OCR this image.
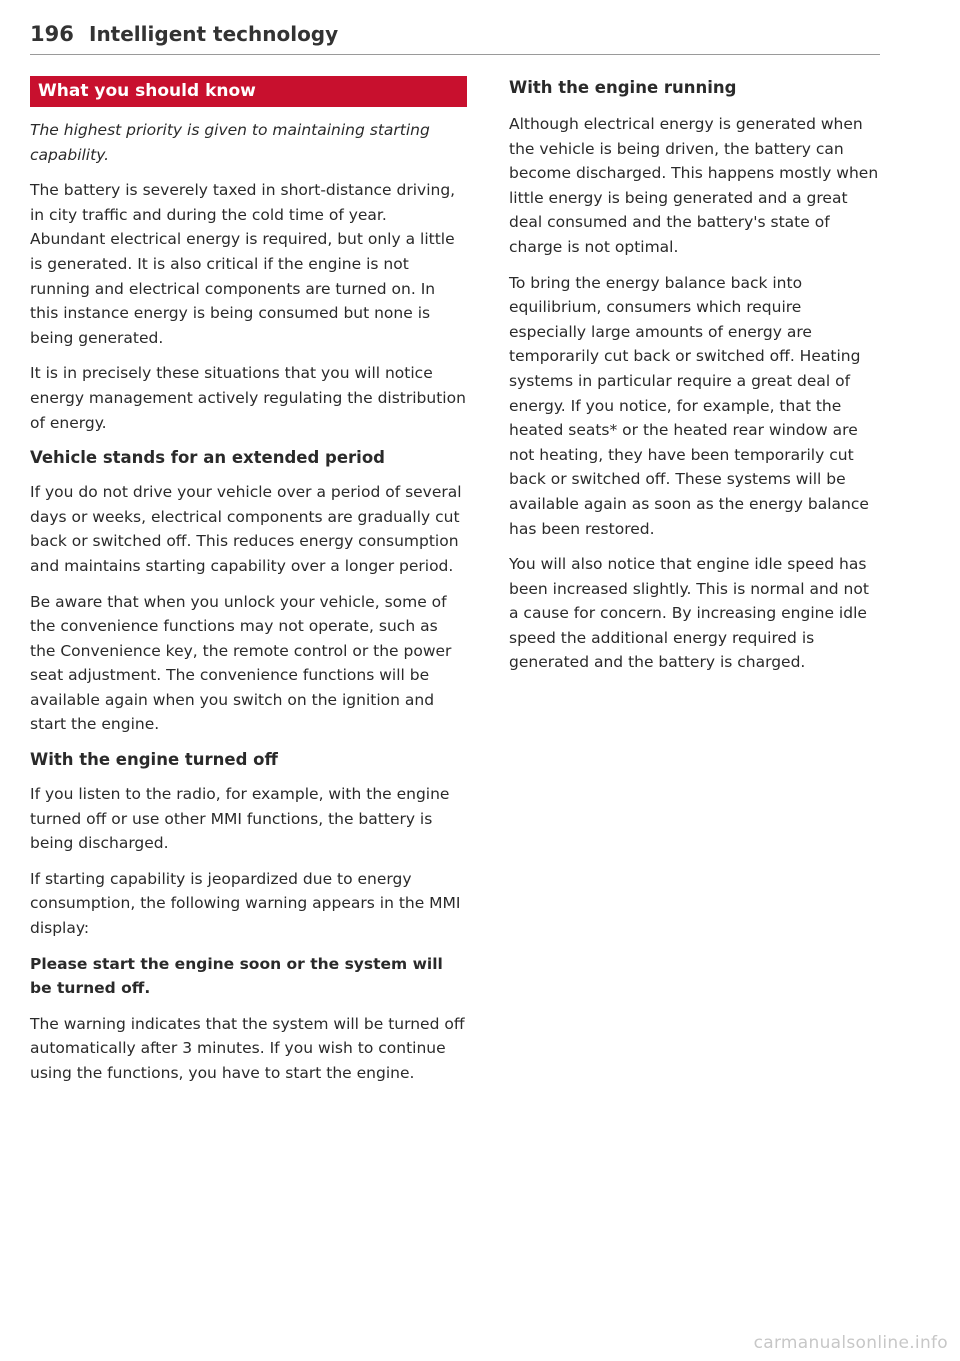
196 Intelligent technology
What you should know

The highest priority is given to maintaining starting capability.

The battery is severely taxed in short-distance driving, in city traffic and during the cold time of year. Abundant electrical energy is required, but only a little is generated. It is also critical if the engine is not running and electrical components are turned on. In this instance energy is being consumed but none is being generated.

It is in precisely these situations that you will notice energy management actively regulating the distribution of energy.

Vehicle stands for an extended period

If you do not drive your vehicle over a period of several days or weeks, electrical components are gradually cut back or switched off. This reduces energy consumption and maintains starting capability over a longer period.

Be aware that when you unlock your vehicle, some of the convenience functions may not operate, such as the Convenience key, the remote control or the power seat adjustment. The convenience functions will be available again when you switch on the ignition and start the engine.

With the engine turned off

If you listen to the radio, for example, with the engine turned off or use other MMI functions, the battery is being discharged.

If starting capability is jeopardized due to energy consumption, the following warning appears in the MMI display:

Please start the engine soon or the system will be turned off.

The warning indicates that the system will be turned off automatically after 3 minutes. If you wish to continue using the functions, you have to start the engine.

With the engine running

Although electrical energy is generated when the vehicle is being driven, the battery can become discharged. This happens mostly when little energy is being generated and a great deal consumed and the battery's state of charge is not optimal.

To bring the energy balance back into equilibrium, consumers which require especially large amounts of energy are temporarily cut back or switched off. Heating systems in particular require a great deal of energy. If you notice, for example, that the heated seats* or the heated rear window are not heating, they have been temporarily cut back or switched off. These systems will be available again as soon as the energy balance has been restored.

You will also notice that engine idle speed has been increased slightly. This is normal and not a cause for concern. By increasing engine idle speed the additional energy required is generated and the battery is charged.

carmanualsonline.info
